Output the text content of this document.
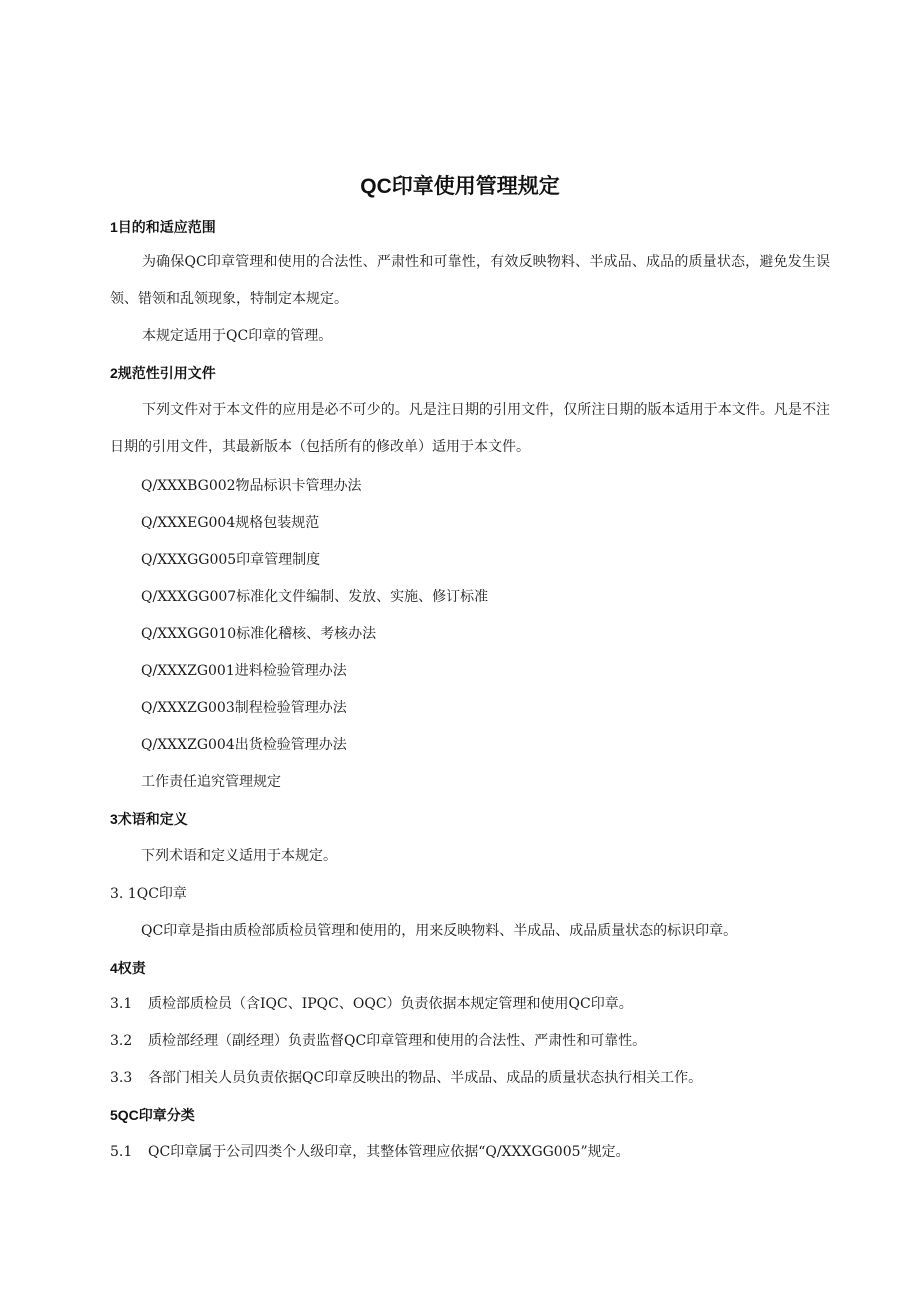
QC印章使用管理规定
1目的和适应范围
为确保QC印章管理和使用的合法性、严肃性和可靠性，有效反映物料、半成品、成品的质量状态，避免发生误领、错领和乱领现象，特制定本规定。
本规定适用于QC印章的管理。
2规范性引用文件
下列文件对于本文件的应用是必不可少的。凡是注日期的引用文件，仅所注日期的版本适用于本文件。凡是不注日期的引用文件，其最新版本（包括所有的修改单）适用于本文件。
Q/XXXBG002物品标识卡管理办法
Q/XXXEG004规格包装规范
Q/XXXGG005印章管理制度
Q/XXXGG007标准化文件编制、发放、实施、修订标准
Q/XXXGG010标准化稽核、考核办法
Q/XXXZG001进料检验管理办法
Q/XXXZG003制程检验管理办法
Q/XXXZG004出货检验管理办法
工作责任追究管理规定
3术语和定义
下列术语和定义适用于本规定。
3. 1QC印章
QC印章是指由质检部质检员管理和使用的，用来反映物料、半成品、成品质量状态的标识印章。
4权责
3.1 质检部质检员（含IQC、IPQC、OQC）负责依据本规定管理和使用QC印章。
3.2 质检部经理（副经理）负责监督QC印章管理和使用的合法性、严肃性和可靠性。
3.3 各部门相关人员负责依据QC印章反映出的物品、半成品、成品的质量状态执行相关工作。
5QC印章分类
5.1 QC印章属于公司四类个人级印章，其整体管理应依据“Q/XXXGG005”规定。
